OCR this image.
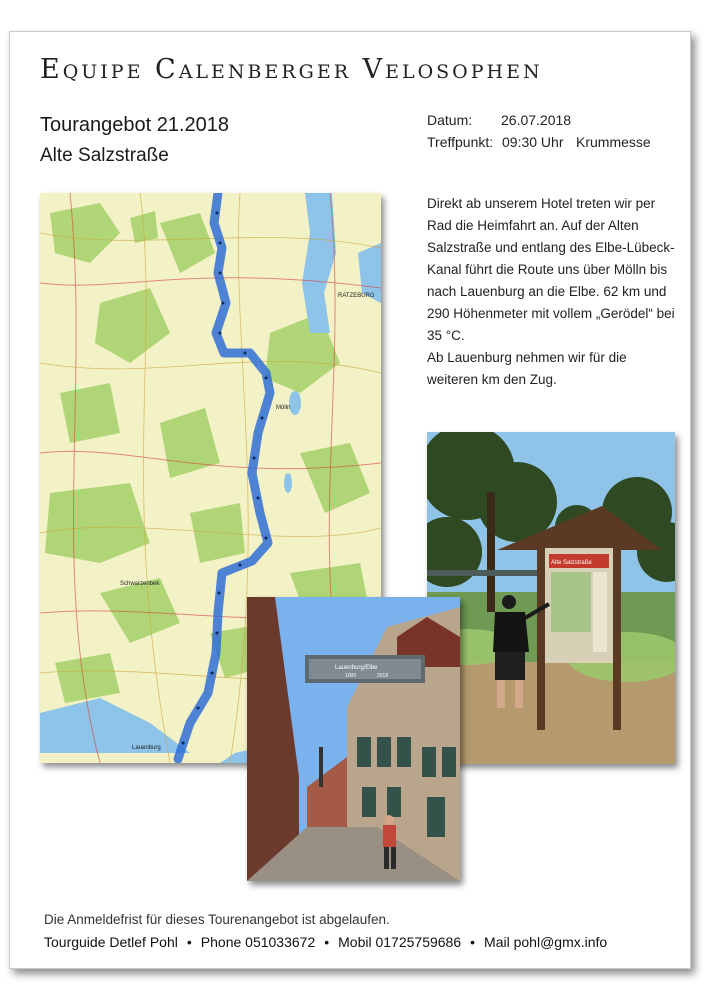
Equipe Calenberger Velosophen
Tourangebot 21.2018
Alte Salzstraße
Datum: 26.07.2018
Treffpunkt: 09:30 Uhr Krummesse

Direkt ab unserem Hotel treten wir per Rad die Heimfahrt an. Auf der Alten Salzstraße und entlang des Elbe-Lübeck-Kanal führt die Route uns über Mölln bis nach Lauenburg an die Elbe. 62 km und 290 Höhenmeter mit vollem „Gerödel“ bei 35 °C.

Ab Lauenburg nehmen wir für die weiteren km den Zug.

RATZEBURG
Mölln
Schwarzenbek
Lauenburg
Alte Salzstraße
Lauenburg/Elbe
1000	2018
Die Anmeldefrist für dieses Tourenangebot ist abgelaufen.
Tourguide Detlef Pohl • Phone 051033672 • Mobil 01725759686 • Mail pohl@gmx.info
